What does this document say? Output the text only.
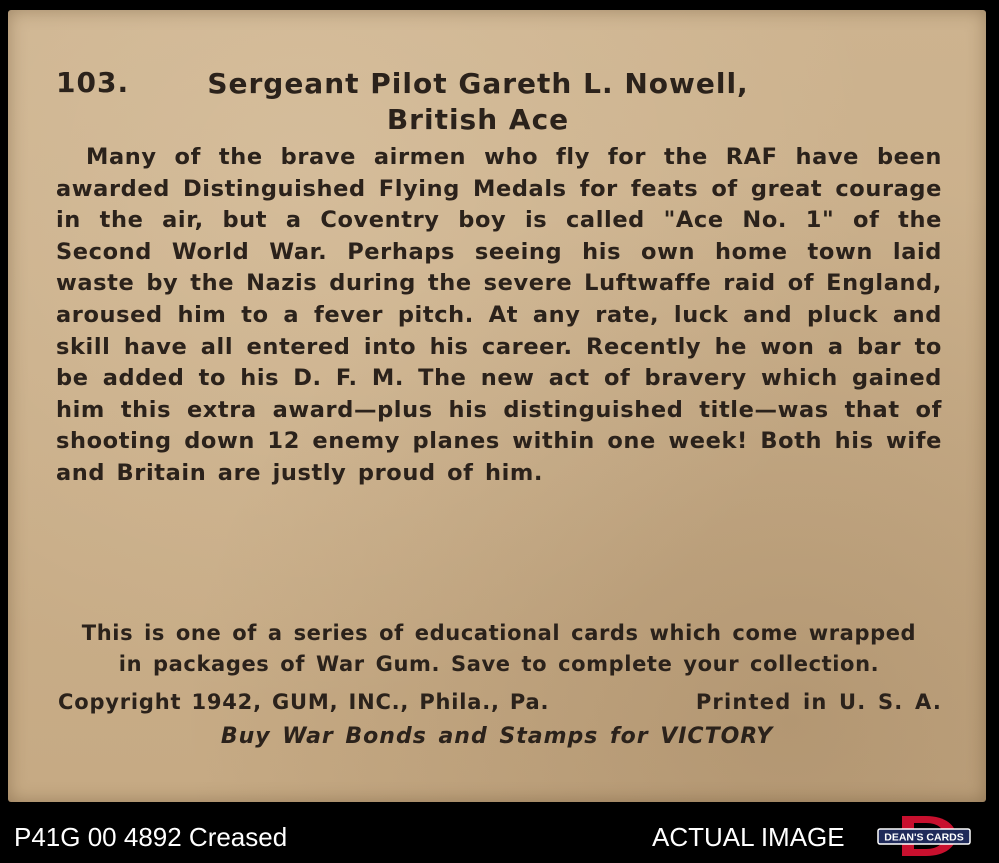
103.	Sergeant Pilot Gareth L. Nowell,
British Ace
Many of the brave airmen who fly for the RAF have been awarded Distinguished Flying Medals for feats of great courage in the air, but a Coventry boy is called "Ace No. 1" of the Second World War. Perhaps seeing his own home town laid waste by the Nazis during the severe Luftwaffe raid of England, aroused him to a fever pitch. At any rate, luck and pluck and skill have all entered into his career. Recently he won a bar to be added to his D. F. M. The new act of bravery which gained him this extra award—plus his distinguished title—was that of shooting down 12 enemy planes within one week! Both his wife and Britain are justly proud of him.
This is one of a series of educational cards which come wrapped
in packages of War Gum. Save to complete your collection.
Copyright 1942, GUM, INC., Phila., Pa.	Printed in U. S. A.
Buy War Bonds and Stamps for VICTORY
P41G 00 4892 Creased	ACTUAL IMAGE	DEAN'S CARDS
